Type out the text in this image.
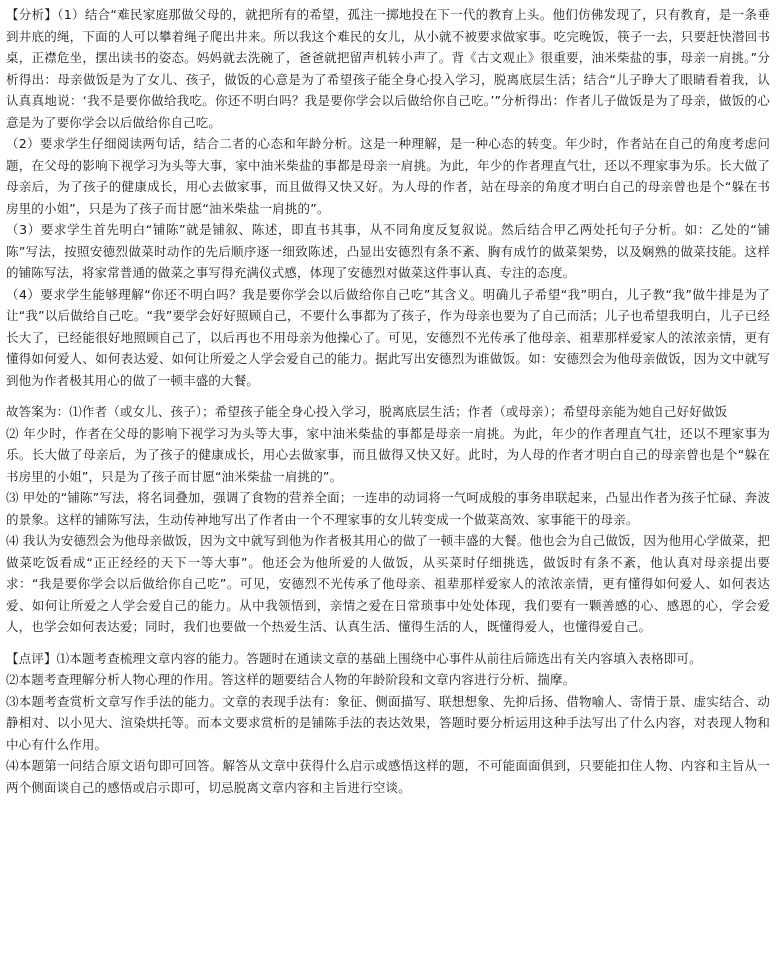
【分析】（1）结合“难民家庭那做父母的，就把所有的希望，孤注一掷地投在下一代的教育上头。他们仿佛发现了，只有教育，是一条垂到井底的绳，下面的人可以攀着绳子爬出井来。所以我这个难民的女儿，从小就不被要求做家事。吃完晚饭，筷子一去，只要赶快潜回书桌，正襟危坐，摆出读书的姿态。妈妈就去洗碗了，爸爸就把留声机转小声了。背《古文观止》很重要，油米柴盐的事，母亲一肩挑。”分析得出：母亲做饭是为了女儿、孩子，做饭的心意是为了希望孩子能全身心投入学习，脱离底层生活；结合“儿子睁大了眼睛看着我，认认真真地说：‘我不是要你做给我吃。你还不明白吗？我是要你学会以后做给你自己吃。’”分析得出：作者儿子做饭是为了母亲，做饭的心意是为了要你学会以后做给你自己吃。

（2）要求学生仔细阅读两句话，结合二者的心态和年龄分析。这是一种理解，是一种心态的转变。年少时，作者站在自己的角度考虑问题，在父母的影响下视学习为头等大事，家中油米柴盐的事都是母亲一肩挑。为此，年少的作者理直气壮，还以不理家事为乐。长大做了母亲后，为了孩子的健康成长，用心去做家事，而且做得又快又好。为人母的作者，站在母亲的角度才明白自己的母亲曾也是个“躲在书房里的小姐”，只是为了孩子而甘愿“油米柴盐一肩挑的”。

（3）要求学生首先明白“铺陈”就是铺叙、陈述，即直书其事，从不同角度反复叙说。然后结合甲乙两处托句子分析。如：乙处的“铺陈”写法，按照安德烈做菜时动作的先后顺序逐一细致陈述，凸显出安德烈有条不紊、胸有成竹的做菜架势，以及娴熟的做菜技能。这样的铺陈写法，将家常普通的做菜之事写得充满仪式感，体现了安德烈对做菜这件事认真、专注的态度。

（4）要求学生能够理解“你还不明白吗？我是要你学会以后做给你自己吃”其含义。明确儿子希望“我”明白，儿子教“我”做牛排是为了让“我”以后做给自己吃。“我”要学会好好照顾自己，不要什么事都为了孩子，作为母亲也要为了自己而活；儿子也希望我明白，儿子已经长大了，已经能很好地照顾自己了，以后再也不用母亲为他操心了。可见，安德烈不光传承了他母亲、祖辈那样爱家人的浓浓亲情，更有懂得如何爱人、如何表达爱、如何让所爱之人学会爱自己的能力。据此写出安德烈为谁做饭。如：安德烈会为他母亲做饭，因为文中就写到他为作者极其用心的做了一顿丰盛的大餐。

故答案为：⑴作者（或女儿、孩子）；希望孩子能全身心投入学习，脱离底层生活；作者（或母亲）；希望母亲能为她自己好好做饭

⑵ 年少时，作者在父母的影响下视学习为头等大事，家中油米柴盐的事都是母亲一肩挑。为此，年少的作者理直气壮，还以不理家事为乐。长大做了母亲后，为了孩子的健康成长，用心去做家事，而且做得又快又好。此时，为人母的作者才明白自己的母亲曾也是个“躲在书房里的小姐”，只是为了孩子而甘愿“油米柴盐一肩挑的”。

⑶ 甲处的“铺陈”写法，将名词叠加，强调了食物的营养全面；一连串的动词将一气呵成般的事务串联起来，凸显出作者为孩子忙碌、奔波的景象。这样的铺陈写法，生动传神地写出了作者由一个不理家事的女儿转变成一个做菜高效、家事能干的母亲。

⑷ 我认为安德烈会为他母亲做饭，因为文中就写到他为作者极其用心的做了一顿丰盛的大餐。他也会为自己做饭，因为他用心学做菜，把做菜吃饭看成“正正经经的天下一等大事”。他还会为他所爱的人做饭，从买菜时仔细挑选，做饭时有条不紊，他认真对母亲提出要求：“我是要你学会以后做给你自己吃”。可见，安德烈不光传承了他母亲、祖辈那样爱家人的浓浓亲情，更有懂得如何爱人、如何表达爱、如何让所爱之人学会爱自己的能力。从中我领悟到，亲情之爱在日常琐事中处处体现，我们要有一颗善感的心、感恩的心，学会爱人，也学会如何表达爱；同时，我们也要做一个热爱生活、认真生活、懂得生活的人，既懂得爱人，也懂得爱自己。

【点评】⑴本题考查梳理文章内容的能力。答题时在通读文章的基础上围绕中心事件从前往后筛选出有关内容填入表格即可。

⑵本题考查理解分析人物心理的作用。答这样的题要结合人物的年龄阶段和文章内容进行分析、揣摩。

⑶本题考查赏析文章写作手法的能力。文章的表现手法有：象征、侧面描写、联想想象、先抑后扬、借物喻人、寄情于景、虚实结合、动静相对、以小见大、渲染烘托等。而本文要求赏析的是铺陈手法的表达效果，答题时要分析运用这种手法写出了什么内容，对表现人物和中心有什么作用。

⑷本题第一问结合原文语句即可回答。解答从文章中获得什么启示或感悟这样的题，不可能面面俱到，只要能扣住人物、内容和主旨从一两个侧面谈自己的感悟或启示即可，切忌脱离文章内容和主旨进行空谈。
